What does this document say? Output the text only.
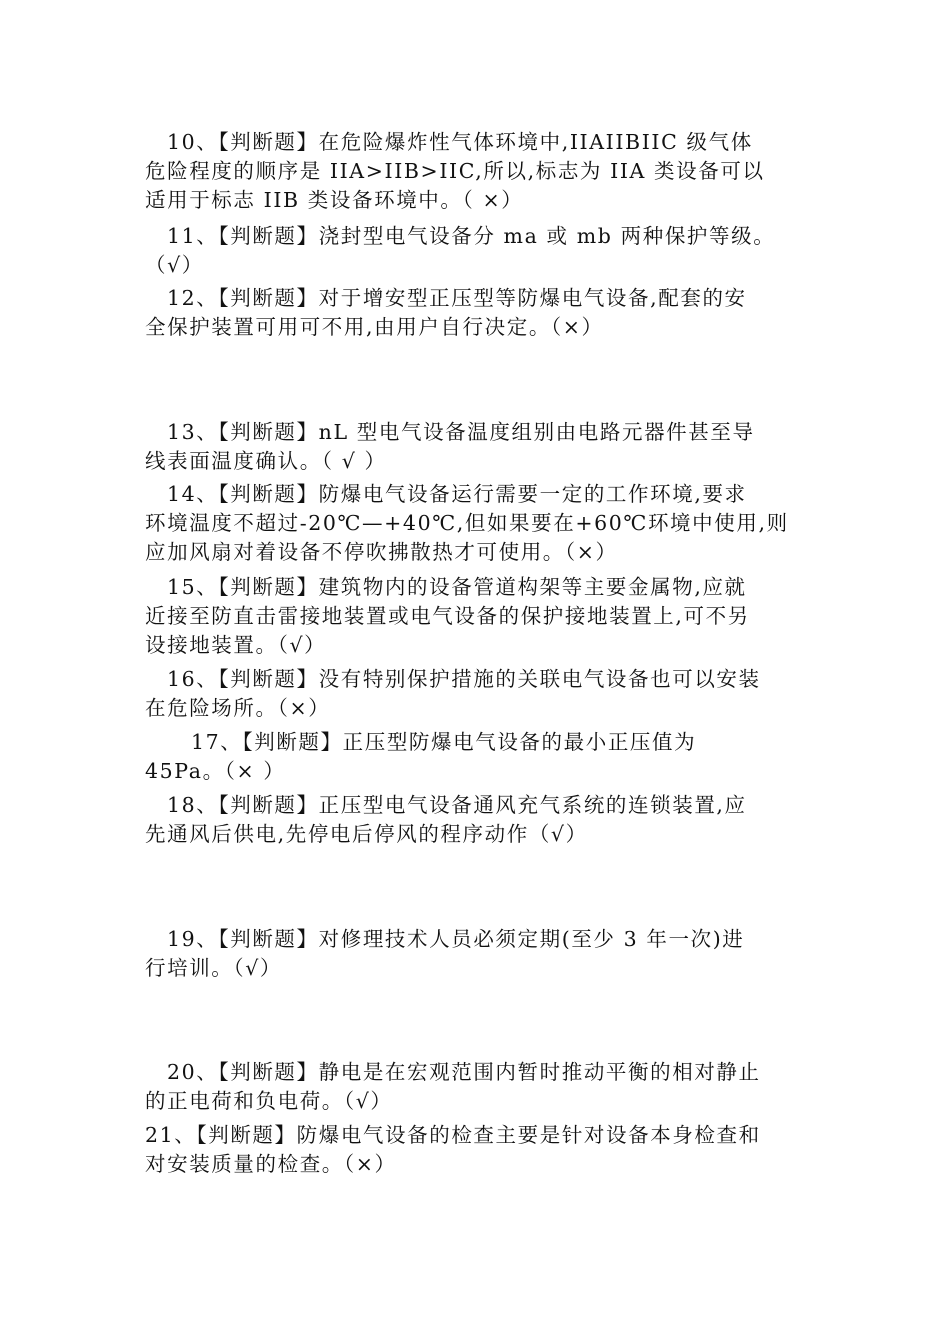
10、【判断题】在危险爆炸性气体环境中,IIAIIBIIC 级气体
危险程度的顺序是 IIA>IIB>IIC,所以,标志为 IIA 类设备可以
适用于标志 IIB 类设备环境中。（ ×）

11、【判断题】浇封型电气设备分 ma 或 mb 两种保护等级。
（√）

12、【判断题】对于增安型正压型等防爆电气设备,配套的安
全保护装置可用可不用,由用户自行决定。（×）

13、【判断题】nL 型电气设备温度组别由电路元器件甚至导
线表面温度确认。（ √ ）

14、【判断题】防爆电气设备运行需要一定的工作环境,要求
环境温度不超过-20℃—+40℃,但如果要在+60℃环境中使用,则
应加风扇对着设备不停吹拂散热才可使用。（×）

15、【判断题】建筑物内的设备管道构架等主要金属物,应就
近接至防直击雷接地装置或电气设备的保护接地装置上,可不另
设接地装置。（√）

16、【判断题】没有特别保护措施的关联电气设备也可以安装
在危险场所。（×）

17、【判断题】正压型防爆电气设备的最小正压值为
45Pa。（× ）

18、【判断题】正压型电气设备通风充气系统的连锁装置,应
先通风后供电,先停电后停风的程序动作（√）

19、【判断题】对修理技术人员必须定期(至少 3 年一次)进
行培训。（√）

20、【判断题】静电是在宏观范围内暂时推动平衡的相对静止
的正电荷和负电荷。（√）

21、【判断题】防爆电气设备的检查主要是针对设备本身检查和
对安装质量的检查。（×）
